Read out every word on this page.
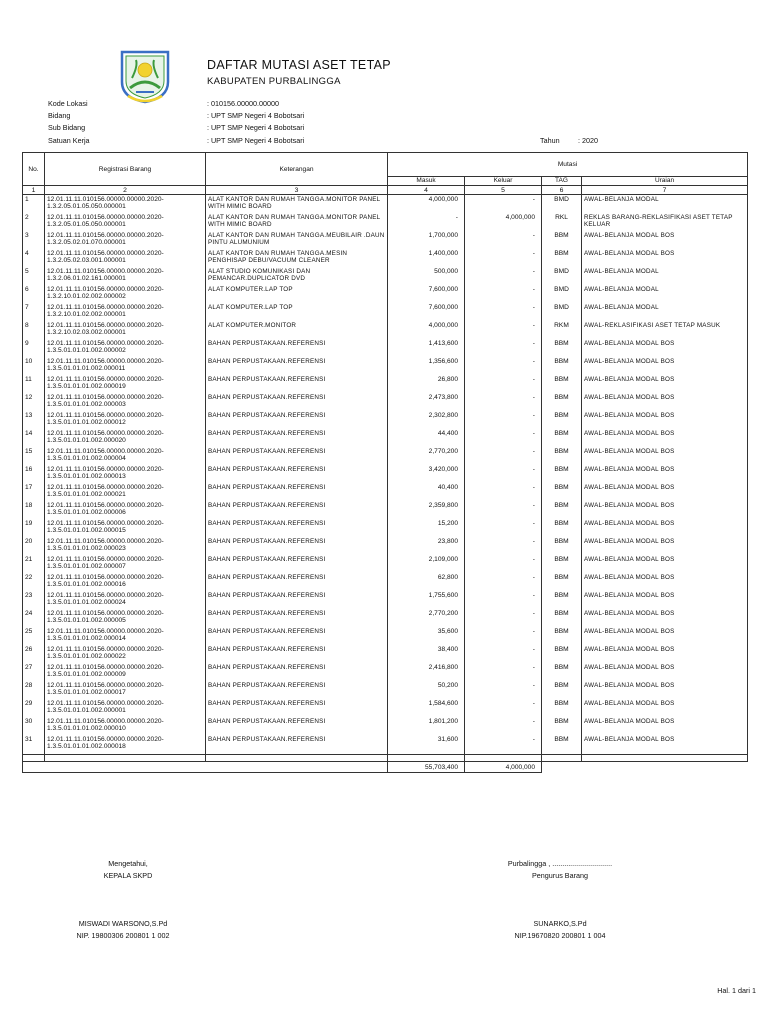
DAFTAR MUTASI ASET TETAP
KABUPATEN PURBALINGGA
Kode Lokasi	: 010156.00000.00000
Bidang	: UPT SMP Negeri 4 Bobotsari
Sub Bidang	: UPT SMP Negeri 4 Bobotsari
Satuan Kerja	: UPT SMP Negeri 4 Bobotsari	Tahun	: 2020
No.	Registrasi Barang	Keterangan	Mutasi			
			Masuk	Keluar	TAG	Uraian
1	2	3	4	5	6	7
1	12.01.11.11.010156.00000.00000.2020-1.3.2.05.01.05.050.000001	ALAT KANTOR DAN RUMAH TANGGA.MONITOR PANEL WITH MIMIC BOARD	4,000,000	-	BMD	AWAL-BELANJA MODAL
2	12.01.11.11.010156.00000.00000.2020-1.3.2.05.01.05.050.000001	ALAT KANTOR DAN RUMAH TANGGA.MONITOR PANEL WITH MIMIC BOARD	-	4,000,000	RKL	REKLAS BARANG-REKLASIFIKASI ASET TETAP KELUAR
3	12.01.11.11.010156.00000.00000.2020-1.3.2.05.02.01.070.000001	ALAT KANTOR DAN RUMAH TANGGA.MEUBILAIR .DAUN PINTU ALUMUNIUM	1,700,000	-	BBM	AWAL-BELANJA MODAL BOS
4	12.01.11.11.010156.00000.00000.2020-1.3.2.05.02.03.001.000001	ALAT KANTOR DAN RUMAH TANGGA.MESIN PENGHISAP DEBU/VACUUM CLEANER	1,400,000	-	BBM	AWAL-BELANJA MODAL BOS
5	12.01.11.11.010156.00000.00000.2020-1.3.2.06.01.02.161.000001	ALAT STUDIO KOMUNIKASI DAN PEMANCAR.DUPLICATOR DVD	500,000	-	BMD	AWAL-BELANJA MODAL
6	12.01.11.11.010156.00000.00000.2020-1.3.2.10.01.02.002.000002	ALAT KOMPUTER.LAP TOP	7,600,000	-	BMD	AWAL-BELANJA MODAL
7	12.01.11.11.010156.00000.00000.2020-1.3.2.10.01.02.002.000001	ALAT KOMPUTER.LAP TOP	7,600,000	-	BMD	AWAL-BELANJA MODAL
8	12.01.11.11.010156.00000.00000.2020-1.3.2.10.02.03.002.000001	ALAT KOMPUTER.MONITOR	4,000,000	-	RKM	AWAL-REKLASIFIKASI ASET TETAP MASUK
9	12.01.11.11.010156.00000.00000.2020-1.3.5.01.01.01.002.000002	BAHAN PERPUSTAKAAN.REFERENSI	1,413,600	-	BBM	AWAL-BELANJA MODAL BOS
10	12.01.11.11.010156.00000.00000.2020-1.3.5.01.01.01.002.000011	BAHAN PERPUSTAKAAN.REFERENSI	1,356,600	-	BBM	AWAL-BELANJA MODAL BOS
11	12.01.11.11.010156.00000.00000.2020-1.3.5.01.01.01.002.000019	BAHAN PERPUSTAKAAN.REFERENSI	26,800	-	BBM	AWAL-BELANJA MODAL BOS
12	12.01.11.11.010156.00000.00000.2020-1.3.5.01.01.01.002.000003	BAHAN PERPUSTAKAAN.REFERENSI	2,473,800	-	BBM	AWAL-BELANJA MODAL BOS
13	12.01.11.11.010156.00000.00000.2020-1.3.5.01.01.01.002.000012	BAHAN PERPUSTAKAAN.REFERENSI	2,302,800	-	BBM	AWAL-BELANJA MODAL BOS
14	12.01.11.11.010156.00000.00000.2020-1.3.5.01.01.01.002.000020	BAHAN PERPUSTAKAAN.REFERENSI	44,400	-	BBM	AWAL-BELANJA MODAL BOS
15	12.01.11.11.010156.00000.00000.2020-1.3.5.01.01.01.002.000004	BAHAN PERPUSTAKAAN.REFERENSI	2,770,200	-	BBM	AWAL-BELANJA MODAL BOS
16	12.01.11.11.010156.00000.00000.2020-1.3.5.01.01.01.002.000013	BAHAN PERPUSTAKAAN.REFERENSI	3,420,000	-	BBM	AWAL-BELANJA MODAL BOS
17	12.01.11.11.010156.00000.00000.2020-1.3.5.01.01.01.002.000021	BAHAN PERPUSTAKAAN.REFERENSI	40,400	-	BBM	AWAL-BELANJA MODAL BOS
18	12.01.11.11.010156.00000.00000.2020-1.3.5.01.01.01.002.000006	BAHAN PERPUSTAKAAN.REFERENSI	2,359,800	-	BBM	AWAL-BELANJA MODAL BOS
19	12.01.11.11.010156.00000.00000.2020-1.3.5.01.01.01.002.000015	BAHAN PERPUSTAKAAN.REFERENSI	15,200	-	BBM	AWAL-BELANJA MODAL BOS
20	12.01.11.11.010156.00000.00000.2020-1.3.5.01.01.01.002.000023	BAHAN PERPUSTAKAAN.REFERENSI	23,800	-	BBM	AWAL-BELANJA MODAL BOS
21	12.01.11.11.010156.00000.00000.2020-1.3.5.01.01.01.002.000007	BAHAN PERPUSTAKAAN.REFERENSI	2,109,000	-	BBM	AWAL-BELANJA MODAL BOS
22	12.01.11.11.010156.00000.00000.2020-1.3.5.01.01.01.002.000016	BAHAN PERPUSTAKAAN.REFERENSI	62,800	-	BBM	AWAL-BELANJA MODAL BOS
23	12.01.11.11.010156.00000.00000.2020-1.3.5.01.01.01.002.000024	BAHAN PERPUSTAKAAN.REFERENSI	1,755,600	-	BBM	AWAL-BELANJA MODAL BOS
24	12.01.11.11.010156.00000.00000.2020-1.3.5.01.01.01.002.000005	BAHAN PERPUSTAKAAN.REFERENSI	2,770,200	-	BBM	AWAL-BELANJA MODAL BOS
25	12.01.11.11.010156.00000.00000.2020-1.3.5.01.01.01.002.000014	BAHAN PERPUSTAKAAN.REFERENSI	35,600	-	BBM	AWAL-BELANJA MODAL BOS
26	12.01.11.11.010156.00000.00000.2020-1.3.5.01.01.01.002.000022	BAHAN PERPUSTAKAAN.REFERENSI	38,400	-	BBM	AWAL-BELANJA MODAL BOS
27	12.01.11.11.010156.00000.00000.2020-1.3.5.01.01.01.002.000009	BAHAN PERPUSTAKAAN.REFERENSI	2,416,800	-	BBM	AWAL-BELANJA MODAL BOS
28	12.01.11.11.010156.00000.00000.2020-1.3.5.01.01.01.002.000017	BAHAN PERPUSTAKAAN.REFERENSI	50,200	-	BBM	AWAL-BELANJA MODAL BOS
29	12.01.11.11.010156.00000.00000.2020-1.3.5.01.01.01.002.000001	BAHAN PERPUSTAKAAN.REFERENSI	1,584,600	-	BBM	AWAL-BELANJA MODAL BOS
30	12.01.11.11.010156.00000.00000.2020-1.3.5.01.01.01.002.000010	BAHAN PERPUSTAKAAN.REFERENSI	1,801,200	-	BBM	AWAL-BELANJA MODAL BOS
31	12.01.11.11.010156.00000.00000.2020-1.3.5.01.01.01.002.000018	BAHAN PERPUSTAKAAN.REFERENSI	31,600	-	BBM	AWAL-BELANJA MODAL BOS

			55,703,400	4,000,000		
Mengetahui,
KEPALA SKPD
MISWADI WARSONO,S.Pd
NIP. 19800306 200801 1 002
Purbalingga , ..............................
Pengurus Barang
SUNARKO,S.Pd
NIP.19670820 200801 1 004
Hal. 1 dari 1
